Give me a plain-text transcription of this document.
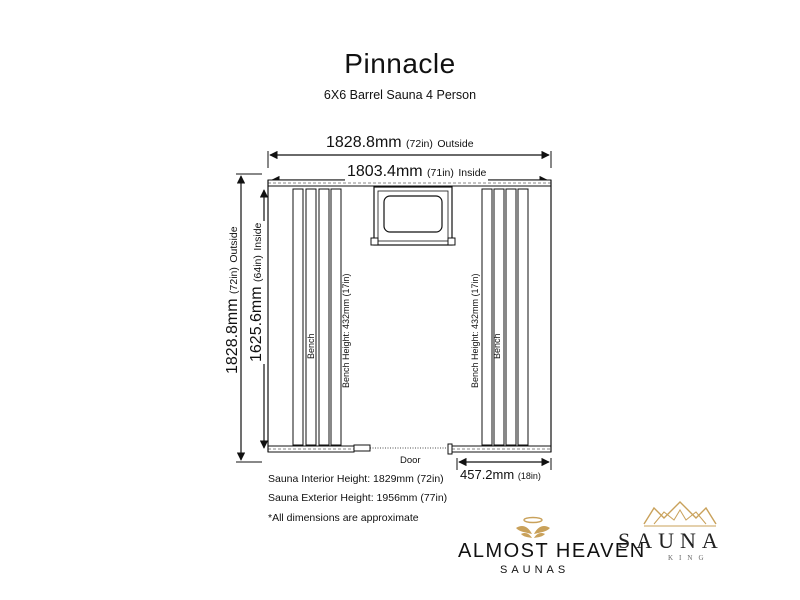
Pinnacle
6X6 Barrel Sauna 4 Person
1828.8mm (72in) Outside
1803.4mm (71in) Inside
1828.8mm (72in) Outside
1625.6mm (64in) Inside
Bench	Bench
Bench Height: 432mm (17in)	Bench Height: 432mm (17in)
Door
457.2mm (18in)
Sauna Interior Height: 1829mm (72in)
Sauna Exterior Height: 1956mm (77in)
*All dimensions are approximate
ALMOST HEAVEN
SAUNAS
SAUNA
KING
